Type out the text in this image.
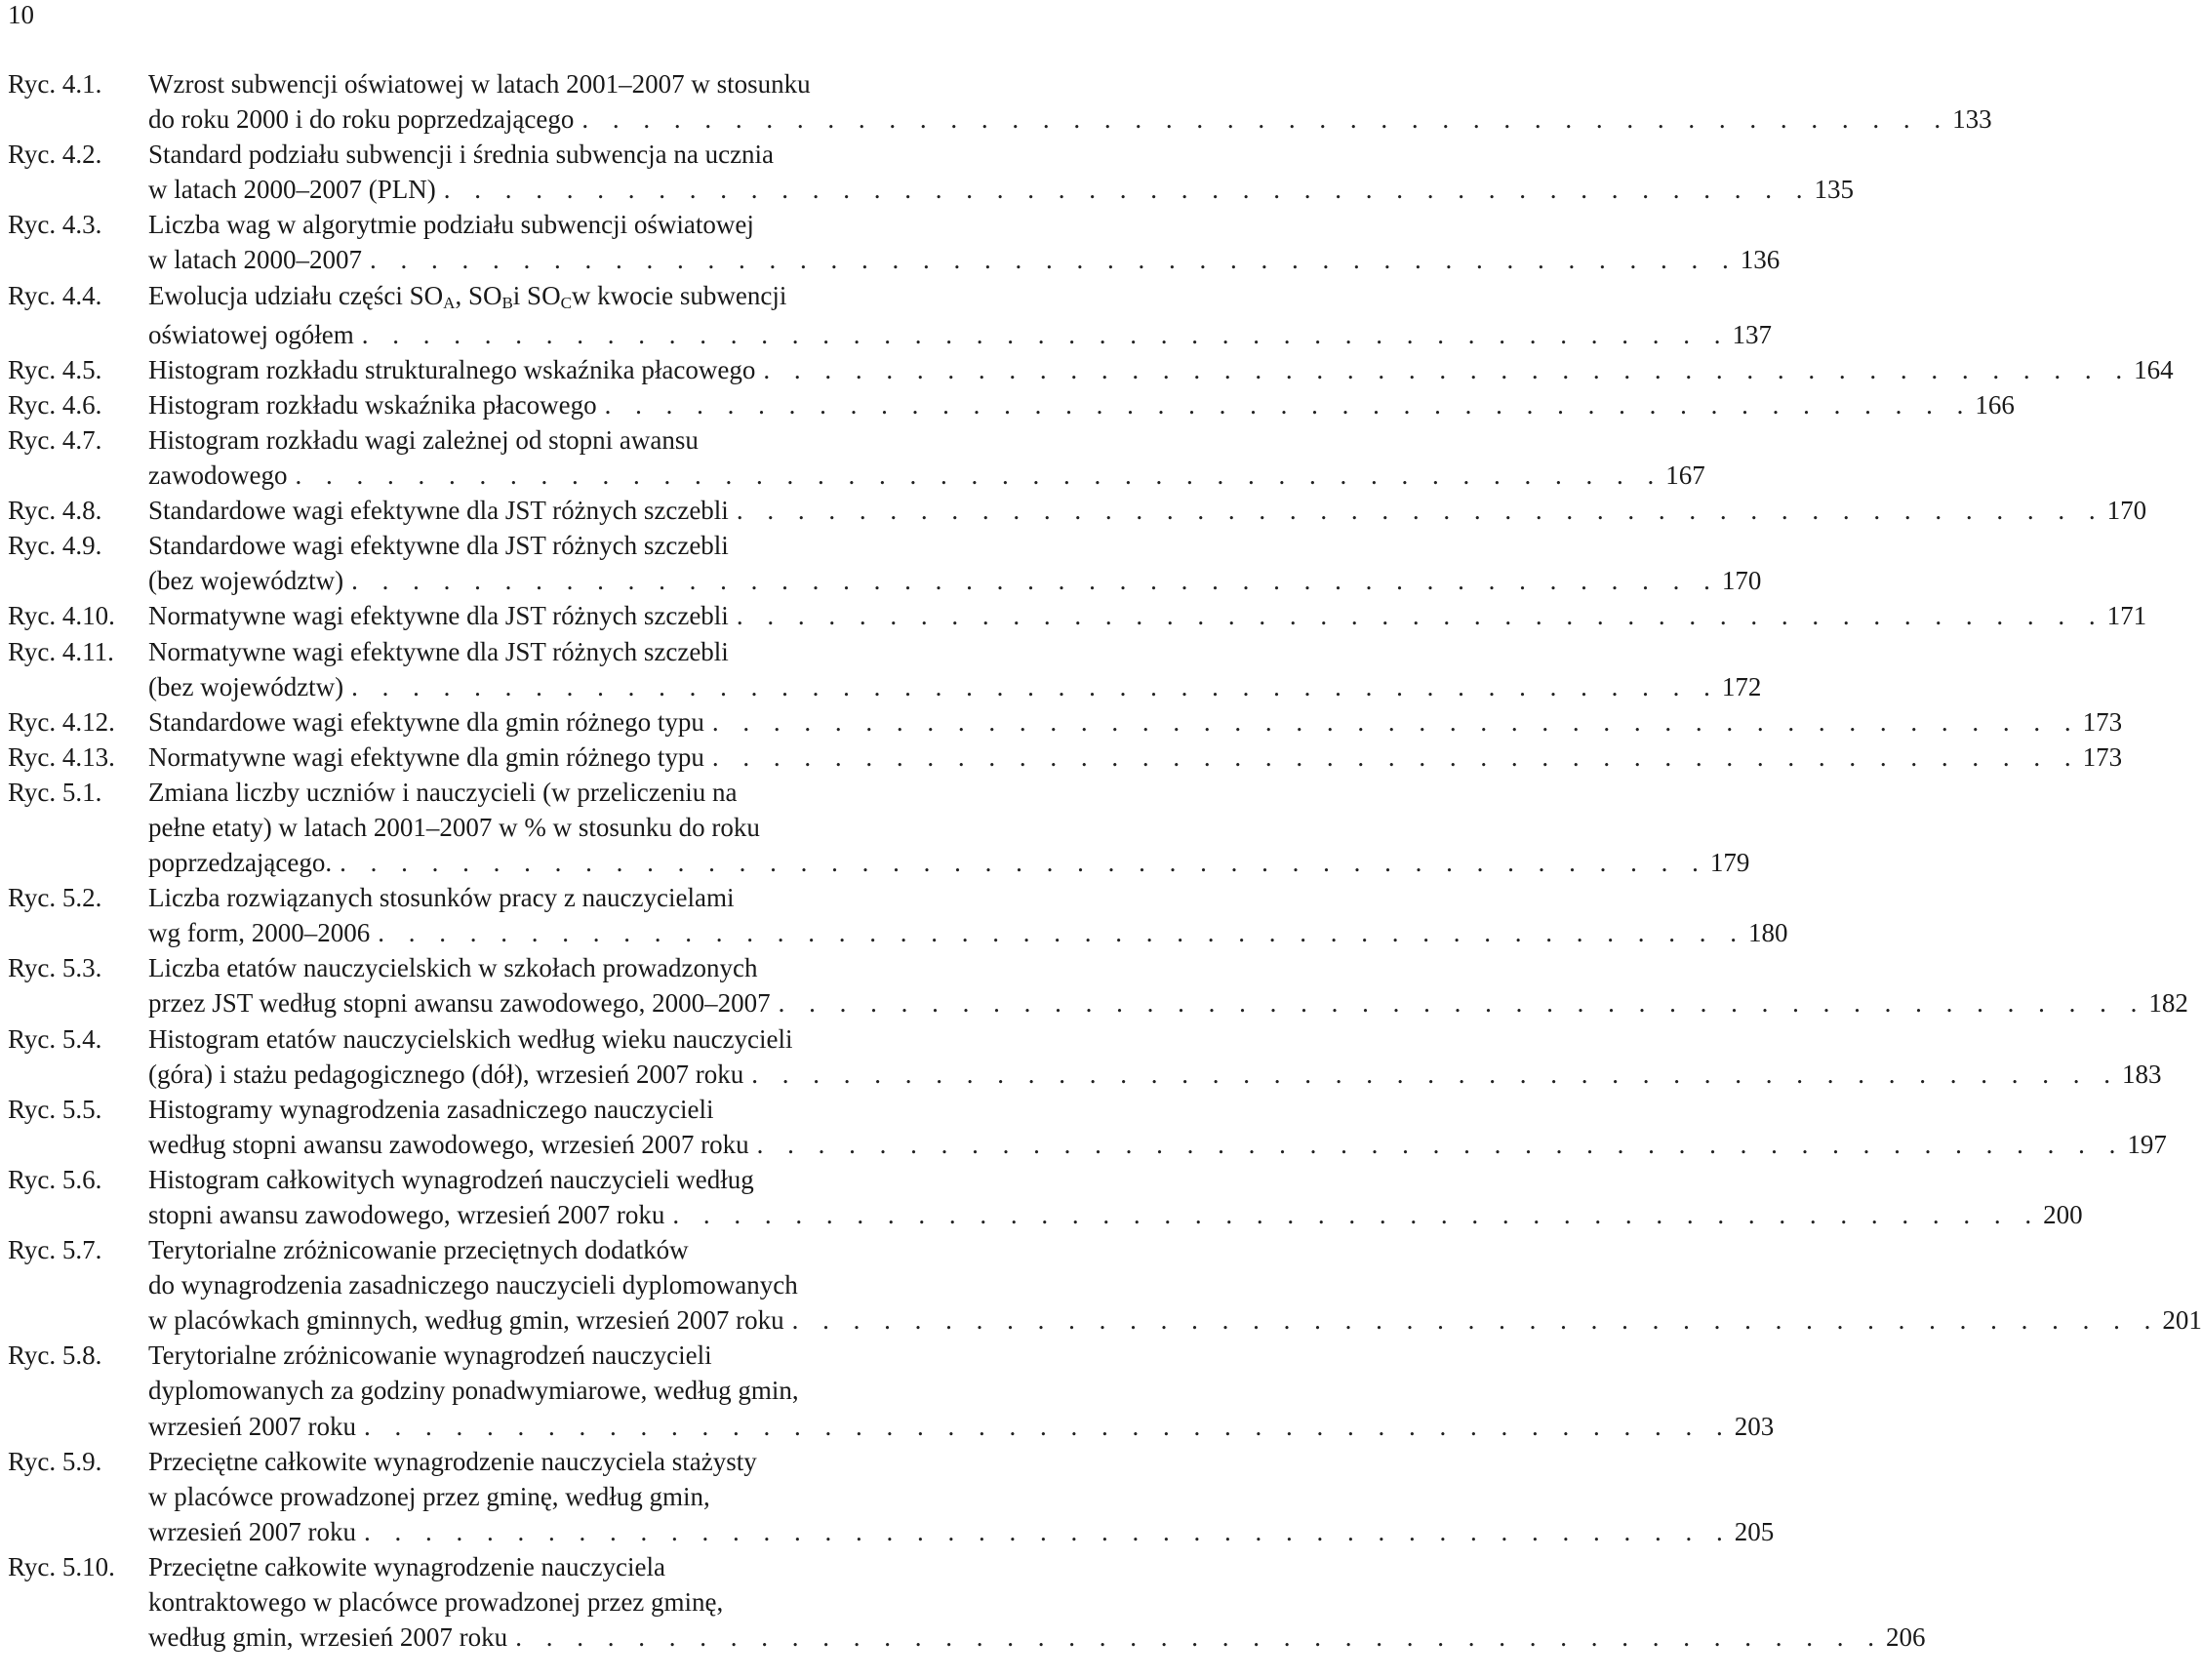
10
Ryc. 4.1.	Wzrost subwencji oświatowej w latach 2001–2007 w stosunku
do roku 2000 i do roku poprzedzającego . . . . . . . . . . . . . . . . . . . . . . . . . . . . . . . . . . . . . . . . . . . . . 133
Ryc. 4.2.	Standard podziału subwencji i średnia subwencja na ucznia
w latach 2000–2007 (PLN) . . . . . . . . . . . . . . . . . . . . . . . . . . . . . . . . . . . . . . . . . . . . . 135
Ryc. 4.3.	Liczba wag w algorytmie podziału subwencji oświatowej
w latach 2000–2007 . . . . . . . . . . . . . . . . . . . . . . . . . . . . . . . . . . . . . . . . . . . . . 136
Ryc. 4.4.	Ewolucja udziału części $SO_A$ , $SO_B$ i $SO_C$ w kwocie subwencji
oświatowej ogółem . . . . . . . . . . . . . . . . . . . . . . . . . . . . . . . . . . . . . . . . . . . . . 137
Ryc. 4.5.	Histogram rozkładu strukturalnego wskaźnika płacowego . . . . . . . . . . . . . . . . . . . . . . . . . . . . . . . . . . . . . . . . . . . . . 164
Ryc. 4.6.	Histogram rozkładu wskaźnika płacowego . . . . . . . . . . . . . . . . . . . . . . . . . . . . . . . . . . . . . . . . . . . . . 166
Ryc. 4.7.	Histogram rozkładu wagi zależnej od stopni awansu
zawodowego . . . . . . . . . . . . . . . . . . . . . . . . . . . . . . . . . . . . . . . . . . . . . 167
Ryc. 4.8.	Standardowe wagi efektywne dla JST różnych szczebli . . . . . . . . . . . . . . . . . . . . . . . . . . . . . . . . . . . . . . . . . . . . . 170
Ryc. 4.9.	Standardowe wagi efektywne dla JST różnych szczebli
(bez województw) . . . . . . . . . . . . . . . . . . . . . . . . . . . . . . . . . . . . . . . . . . . . . 170
Ryc. 4.10.	Normatywne wagi efektywne dla JST różnych szczebli . . . . . . . . . . . . . . . . . . . . . . . . . . . . . . . . . . . . . . . . . . . . . 171
Ryc. 4.11.	Normatywne wagi efektywne dla JST różnych szczebli
(bez województw) . . . . . . . . . . . . . . . . . . . . . . . . . . . . . . . . . . . . . . . . . . . . . 172
Ryc. 4.12.	Standardowe wagi efektywne dla gmin różnego typu . . . . . . . . . . . . . . . . . . . . . . . . . . . . . . . . . . . . . . . . . . . . . 173
Ryc. 4.13.	Normatywne wagi efektywne dla gmin różnego typu . . . . . . . . . . . . . . . . . . . . . . . . . . . . . . . . . . . . . . . . . . . . . 173
Ryc. 5.1.	Zmiana liczby uczniów i nauczycieli (w przeliczeniu na
pełne etaty) w latach 2001–2007 w % w stosunku do roku
poprzedzającego. . . . . . . . . . . . . . . . . . . . . . . . . . . . . . . . . . . . . . . . . . . . . . 179
Ryc. 5.2.	Liczba rozwiązanych stosunków pracy z nauczycielami
wg form, 2000–2006 . . . . . . . . . . . . . . . . . . . . . . . . . . . . . . . . . . . . . . . . . . . . . 180
Ryc. 5.3.	Liczba etatów nauczycielskich w szkołach prowadzonych
przez JST według stopni awansu zawodowego, 2000–2007 . . . . . . . . . . . . . . . . . . . . . . . . . . . . . . . . . . . . . . . . . . . . . 182
Ryc. 5.4.	Histogram etatów nauczycielskich według wieku nauczycieli
(góra) i stażu pedagogicznego (dół), wrzesień 2007 roku . . . . . . . . . . . . . . . . . . . . . . . . . . . . . . . . . . . . . . . . . . . . . 183
Ryc. 5.5.	Histogramy wynagrodzenia zasadniczego nauczycieli
według stopni awansu zawodowego, wrzesień 2007 roku . . . . . . . . . . . . . . . . . . . . . . . . . . . . . . . . . . . . . . . . . . . . . 197
Ryc. 5.6.	Histogram całkowitych wynagrodzeń nauczycieli według
stopni awansu zawodowego, wrzesień 2007 roku . . . . . . . . . . . . . . . . . . . . . . . . . . . . . . . . . . . . . . . . . . . . . 200
Ryc. 5.7.	Terytorialne zróżnicowanie przeciętnych dodatków
do wynagrodzenia zasadniczego nauczycieli dyplomowanych
w placówkach gminnych, według gmin, wrzesień 2007 roku . . . . . . . . . . . . . . . . . . . . . . . . . . . . . . . . . . . . . . . . . . . . . 201
Ryc. 5.8.	Terytorialne zróżnicowanie wynagrodzeń nauczycieli
dyplomowanych za godziny ponadwymiarowe, według gmin,
wrzesień 2007 roku . . . . . . . . . . . . . . . . . . . . . . . . . . . . . . . . . . . . . . . . . . . . . 203
Ryc. 5.9.	Przeciętne całkowite wynagrodzenie nauczyciela stażysty
w placówce prowadzonej przez gminę, według gmin,
wrzesień 2007 roku . . . . . . . . . . . . . . . . . . . . . . . . . . . . . . . . . . . . . . . . . . . . . 205
Ryc. 5.10.	Przeciętne całkowite wynagrodzenie nauczyciela
kontraktowego w placówce prowadzonej przez gminę,
według gmin, wrzesień 2007 roku . . . . . . . . . . . . . . . . . . . . . . . . . . . . . . . . . . . . . . . . . . . . . 206
